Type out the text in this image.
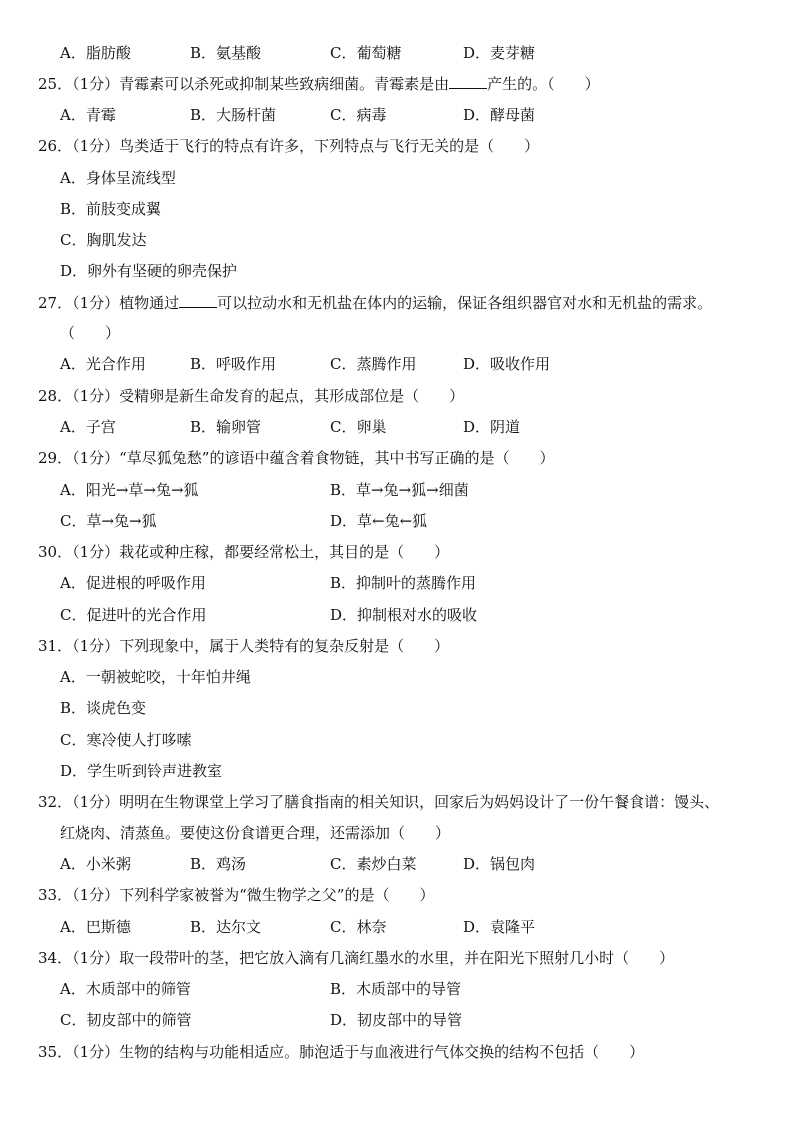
A．脂肪酸	B．氨基酸	C．葡萄糖	D．麦芽糖
25．（1分）青霉素可以杀死或抑制某些致病细菌。青霉素是由	产生的。（　　）
A．青霉	B．大肠杆菌	C．病毒	D．酵母菌
26．（1分）鸟类适于飞行的特点有许多，下列特点与飞行无关的是（　　）
A．身体呈流线型
B．前肢变成翼
C．胸肌发达
D．卵外有坚硬的卵壳保护
27．（1分）植物通过	可以拉动水和无机盐在体内的运输，保证各组织器官对水和无机盐的需求。
（　　）
A．光合作用	B．呼吸作用	C．蒸腾作用	D．吸收作用
28．（1分）受精卵是新生命发育的起点，其形成部位是（　　）
A．子宫	B．输卵管	C．卵巢	D．阴道
29．（1分）“草尽狐兔愁”的谚语中蕴含着食物链，其中书写正确的是（　　）
A．阳光→草→兔→狐	B．草→兔→狐→细菌
C．草→兔→狐	D．草←兔←狐
30．（1分）栽花或种庄稼，都要经常松土，其目的是（　　）
A．促进根的呼吸作用	B．抑制叶的蒸腾作用
C．促进叶的光合作用	D．抑制根对水的吸收
31．（1分）下列现象中，属于人类特有的复杂反射是（　　）
A．一朝被蛇咬，十年怕井绳
B．谈虎色变
C．寒冷使人打哆嗦
D．学生听到铃声进教室
32．（1分）明明在生物课堂上学习了膳食指南的相关知识，回家后为妈妈设计了一份午餐食谱：馒头、
红烧肉、清蒸鱼。要使这份食谱更合理，还需添加（　　）
A．小米粥	B．鸡汤	C．素炒白菜	D．锅包肉
33．（1分）下列科学家被誉为“微生物学之父”的是（　　）
A．巴斯德	B．达尔文	C．林奈	D．袁隆平
34．（1分）取一段带叶的茎，把它放入滴有几滴红墨水的水里，并在阳光下照射几小时（　　）
A．木质部中的筛管	B．木质部中的导管
C．韧皮部中的筛管	D．韧皮部中的导管
35．（1分）生物的结构与功能相适应。肺泡适于与血液进行气体交换的结构不包括（　　）
